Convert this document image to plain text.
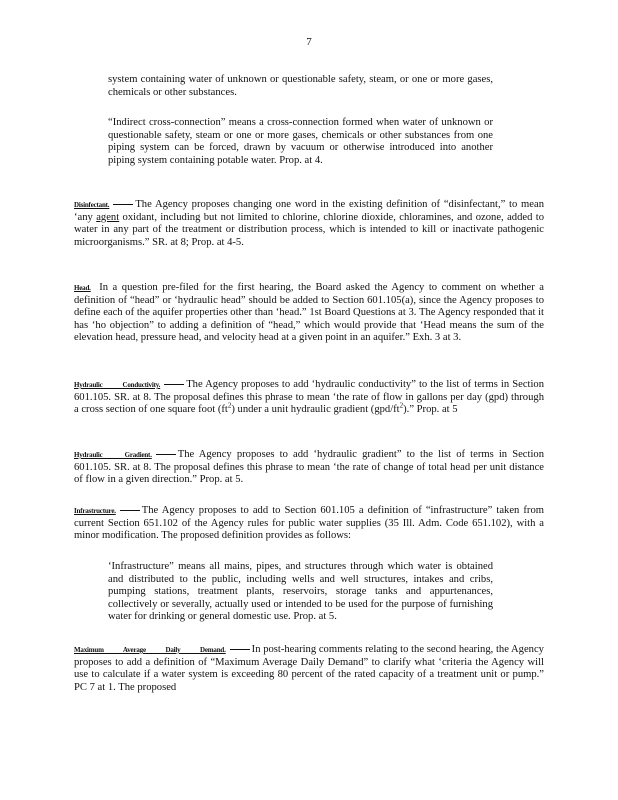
7

system containing water of unknown or questionable safety, steam, or one or more gases, chemicals or other substances.

“Indirect cross-connection” means a cross-connection formed when water of unknown or questionable safety, steam or one or more gases, chemicals or other substances from one piping system can be forced, drawn by vacuum or otherwise introduced into another piping system containing potable water. Prop. at 4.

Disinfectant. The Agency proposes changing one word in the existing definition of “disinfectant,” to mean ‘any agent oxidant, including but not limited to chlorine, chlorine dioxide, chloramines, and ozone, added to water in any part of the treatment or distribution process, which is intended to kill or inactivate pathogenic microorganisms.” SR. at 8; Prop. at 4-5.

Head. In a question pre-filed for the first hearing, the Board asked the Agency to comment on whether a definition of “head” or ‘hydraulic head” should be added to Section 601.105(a), since the Agency proposes to define each of the aquifer properties other than ‘head.” 1st Board Questions at 3. The Agency responded that it has ‘ho objection” to adding a definition of “head,” which would provide that ‘Head means the sum of the elevation head, pressure head, and velocity head at a given point in an aquifer.” Exh. 3 at 3.

Hydraulic Conductivity. The Agency proposes to add ‘hydraulic conductivity” to the list of terms in Section 601.105. SR. at 8. The proposal defines this phrase to mean ‘the rate of flow in gallons per day (gpd) through a cross section of one square foot $(ft^2)$ under a unit hydraulic gradient $(gpd/ft^2)$.” Prop. at 5

Hydraulic Gradient. The Agency proposes to add ‘hydraulic gradient” to the list of terms in Section 601.105. SR. at 8. The proposal defines this phrase to mean ‘the rate of change of total head per unit distance of flow in a given direction.” Prop. at 5.

Infrastructure. The Agency proposes to add to Section 601.105 a definition of “infrastructure” taken from current Section 651.102 of the Agency rules for public water supplies (35 Ill. Adm. Code 651.102), with a minor modification. The proposed definition provides as follows:

‘Infrastructure” means all mains, pipes, and structures through which water is obtained and distributed to the public, including wells and well structures, intakes and cribs, pumping stations, treatment plants, reservoirs, storage tanks and appurtenances, collectively or severally, actually used or intended to be used for the purpose of furnishing water for drinking or general domestic use. Prop. at 5.

Maximum Average Daily Demand. In post-hearing comments relating to the second hearing, the Agency proposes to add a definition of “Maximum Average Daily Demand” to clarify what ‘criteria the Agency will use to calculate if a water system is exceeding 80 percent of the rated capacity of a treatment unit or pump.” PC 7 at 1. The proposed
